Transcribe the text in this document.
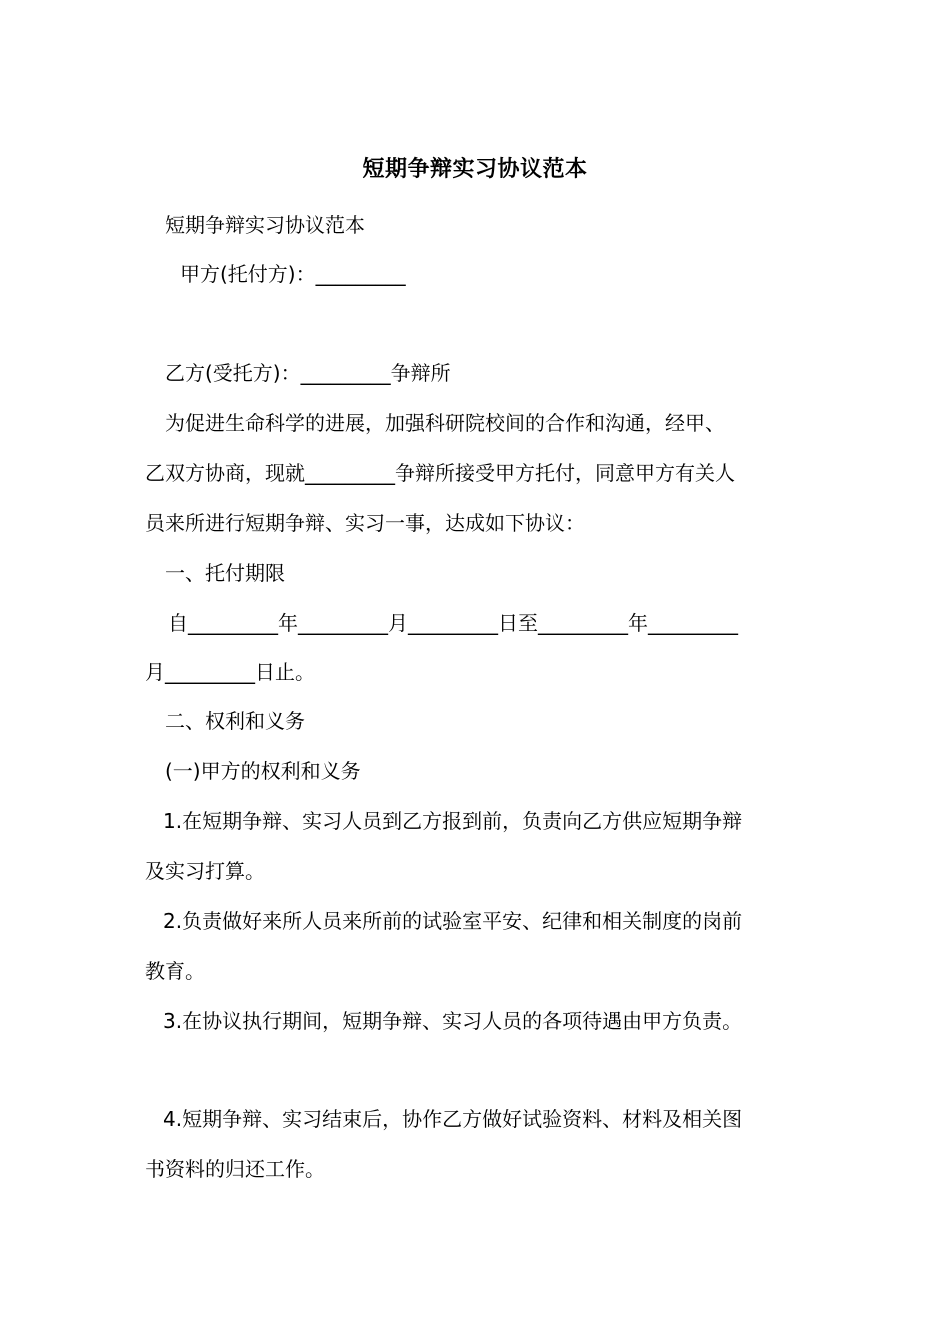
短期争辩实习协议范本
短期争辩实习协议范本
甲方(托付方)：_________
乙方(受托方)：_________争辩所
为促进生命科学的进展，加强科研院校间的合作和沟通，经甲、
乙双方协商，现就_________争辩所接受甲方托付，同意甲方有关人
员来所进行短期争辩、实习一事，达成如下协议：
一、托付期限
自_________年_________月_________日至_________年_________
月_________日止。
二、权利和义务
(一)甲方的权利和义务
1.在短期争辩、实习人员到乙方报到前，负责向乙方供应短期争辩
及实习打算。
2.负责做好来所人员来所前的试验室平安、纪律和相关制度的岗前
教育。
3.在协议执行期间，短期争辩、实习人员的各项待遇由甲方负责。
4.短期争辩、实习结束后，协作乙方做好试验资料、材料及相关图
书资料的归还工作。
